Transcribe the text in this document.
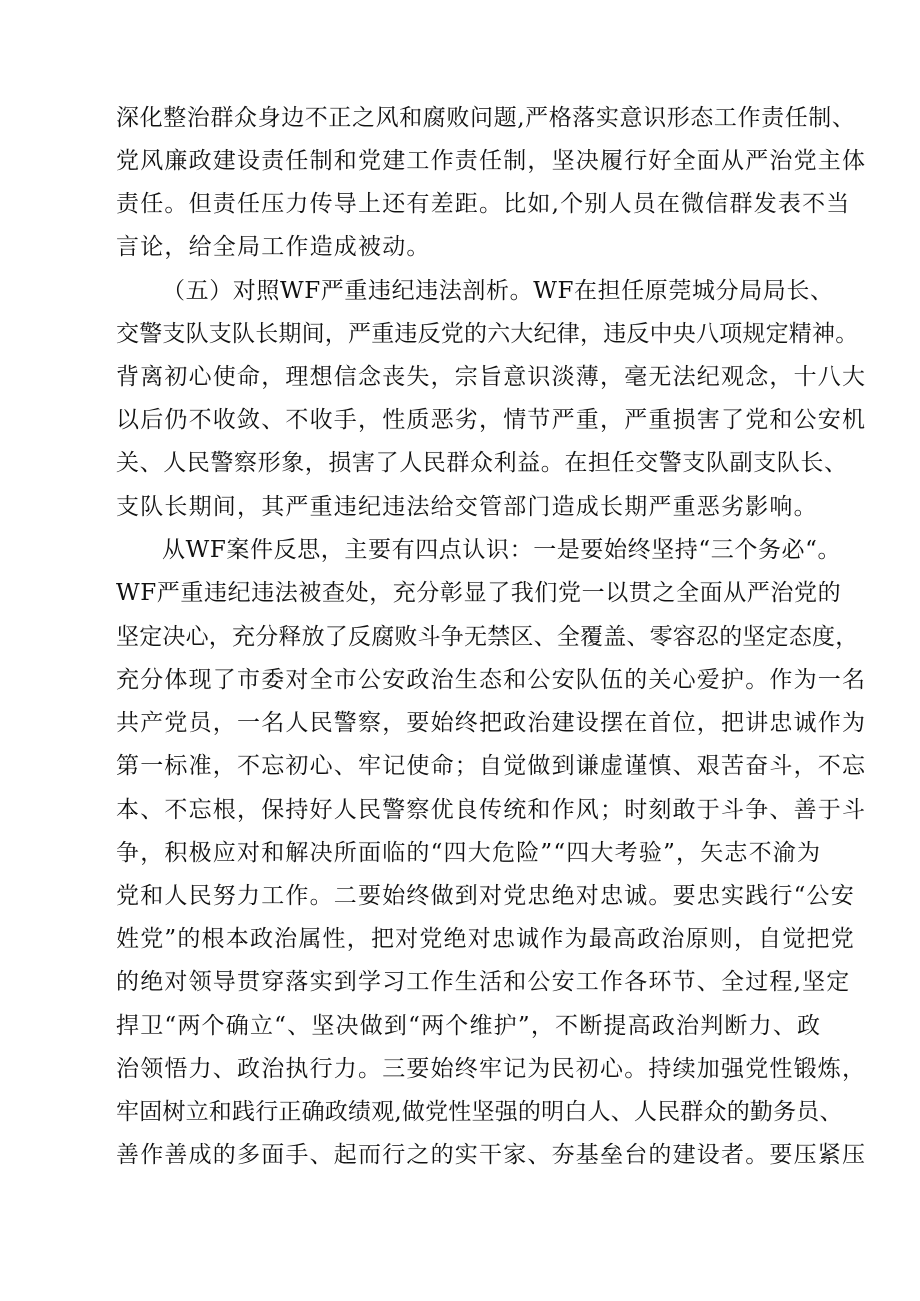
深化整治群众身边不正之风和腐败问题,严格落实意识形态工作责任制、
党风廉政建设责任制和党建工作责任制，坚决履行好全面从严治党主体
责任。但责任压力传导上还有差距。比如,个别人员在微信群发表不当
言论，给全局工作造成被动。
（五）对照WF严重违纪违法剖析。WF在担任原莞城分局局长、
交警支队支队长期间，严重违反党的六大纪律，违反中央八项规定精神。
背离初心使命，理想信念丧失，宗旨意识淡薄，毫无法纪观念，十八大
以后仍不收敛、不收手，性质恶劣，情节严重，严重损害了党和公安机
关、人民警察形象，损害了人民群众利益。在担任交警支队副支队长、
支队长期间，其严重违纪违法给交管部门造成长期严重恶劣影响。
从WF案件反思，主要有四点认识：一是要始终坚持“三个务必“。
WF严重违纪违法被查处，充分彰显了我们党一以贯之全面从严治党的
坚定决心，充分释放了反腐败斗争无禁区、全覆盖、零容忍的坚定态度，
充分体现了市委对全市公安政治生态和公安队伍的关心爱护。作为一名
共产党员，一名人民警察，要始终把政治建设摆在首位，把讲忠诚作为
第一标准，不忘初心、牢记使命；自觉做到谦虚谨慎、艰苦奋斗，不忘
本、不忘根，保持好人民警察优良传统和作风；时刻敢于斗争、善于斗
争，积极应对和解决所面临的“四大危险”“四大考验”，矢志不渝为
党和人民努力工作。二要始终做到对党忠绝对忠诚。要忠实践行“公安
姓党”的根本政治属性，把对党绝对忠诚作为最高政治原则，自觉把党
的绝对领导贯穿落实到学习工作生活和公安工作各环节、全过程,坚定
捍卫“两个确立“、坚决做到“两个维护”，不断提高政治判断力、政
治领悟力、政治执行力。三要始终牢记为民初心。持续加强党性锻炼，
牢固树立和践行正确政绩观,做党性坚强的明白人、人民群众的勤务员、
善作善成的多面手、起而行之的实干家、夯基垒台的建设者。要压紧压
